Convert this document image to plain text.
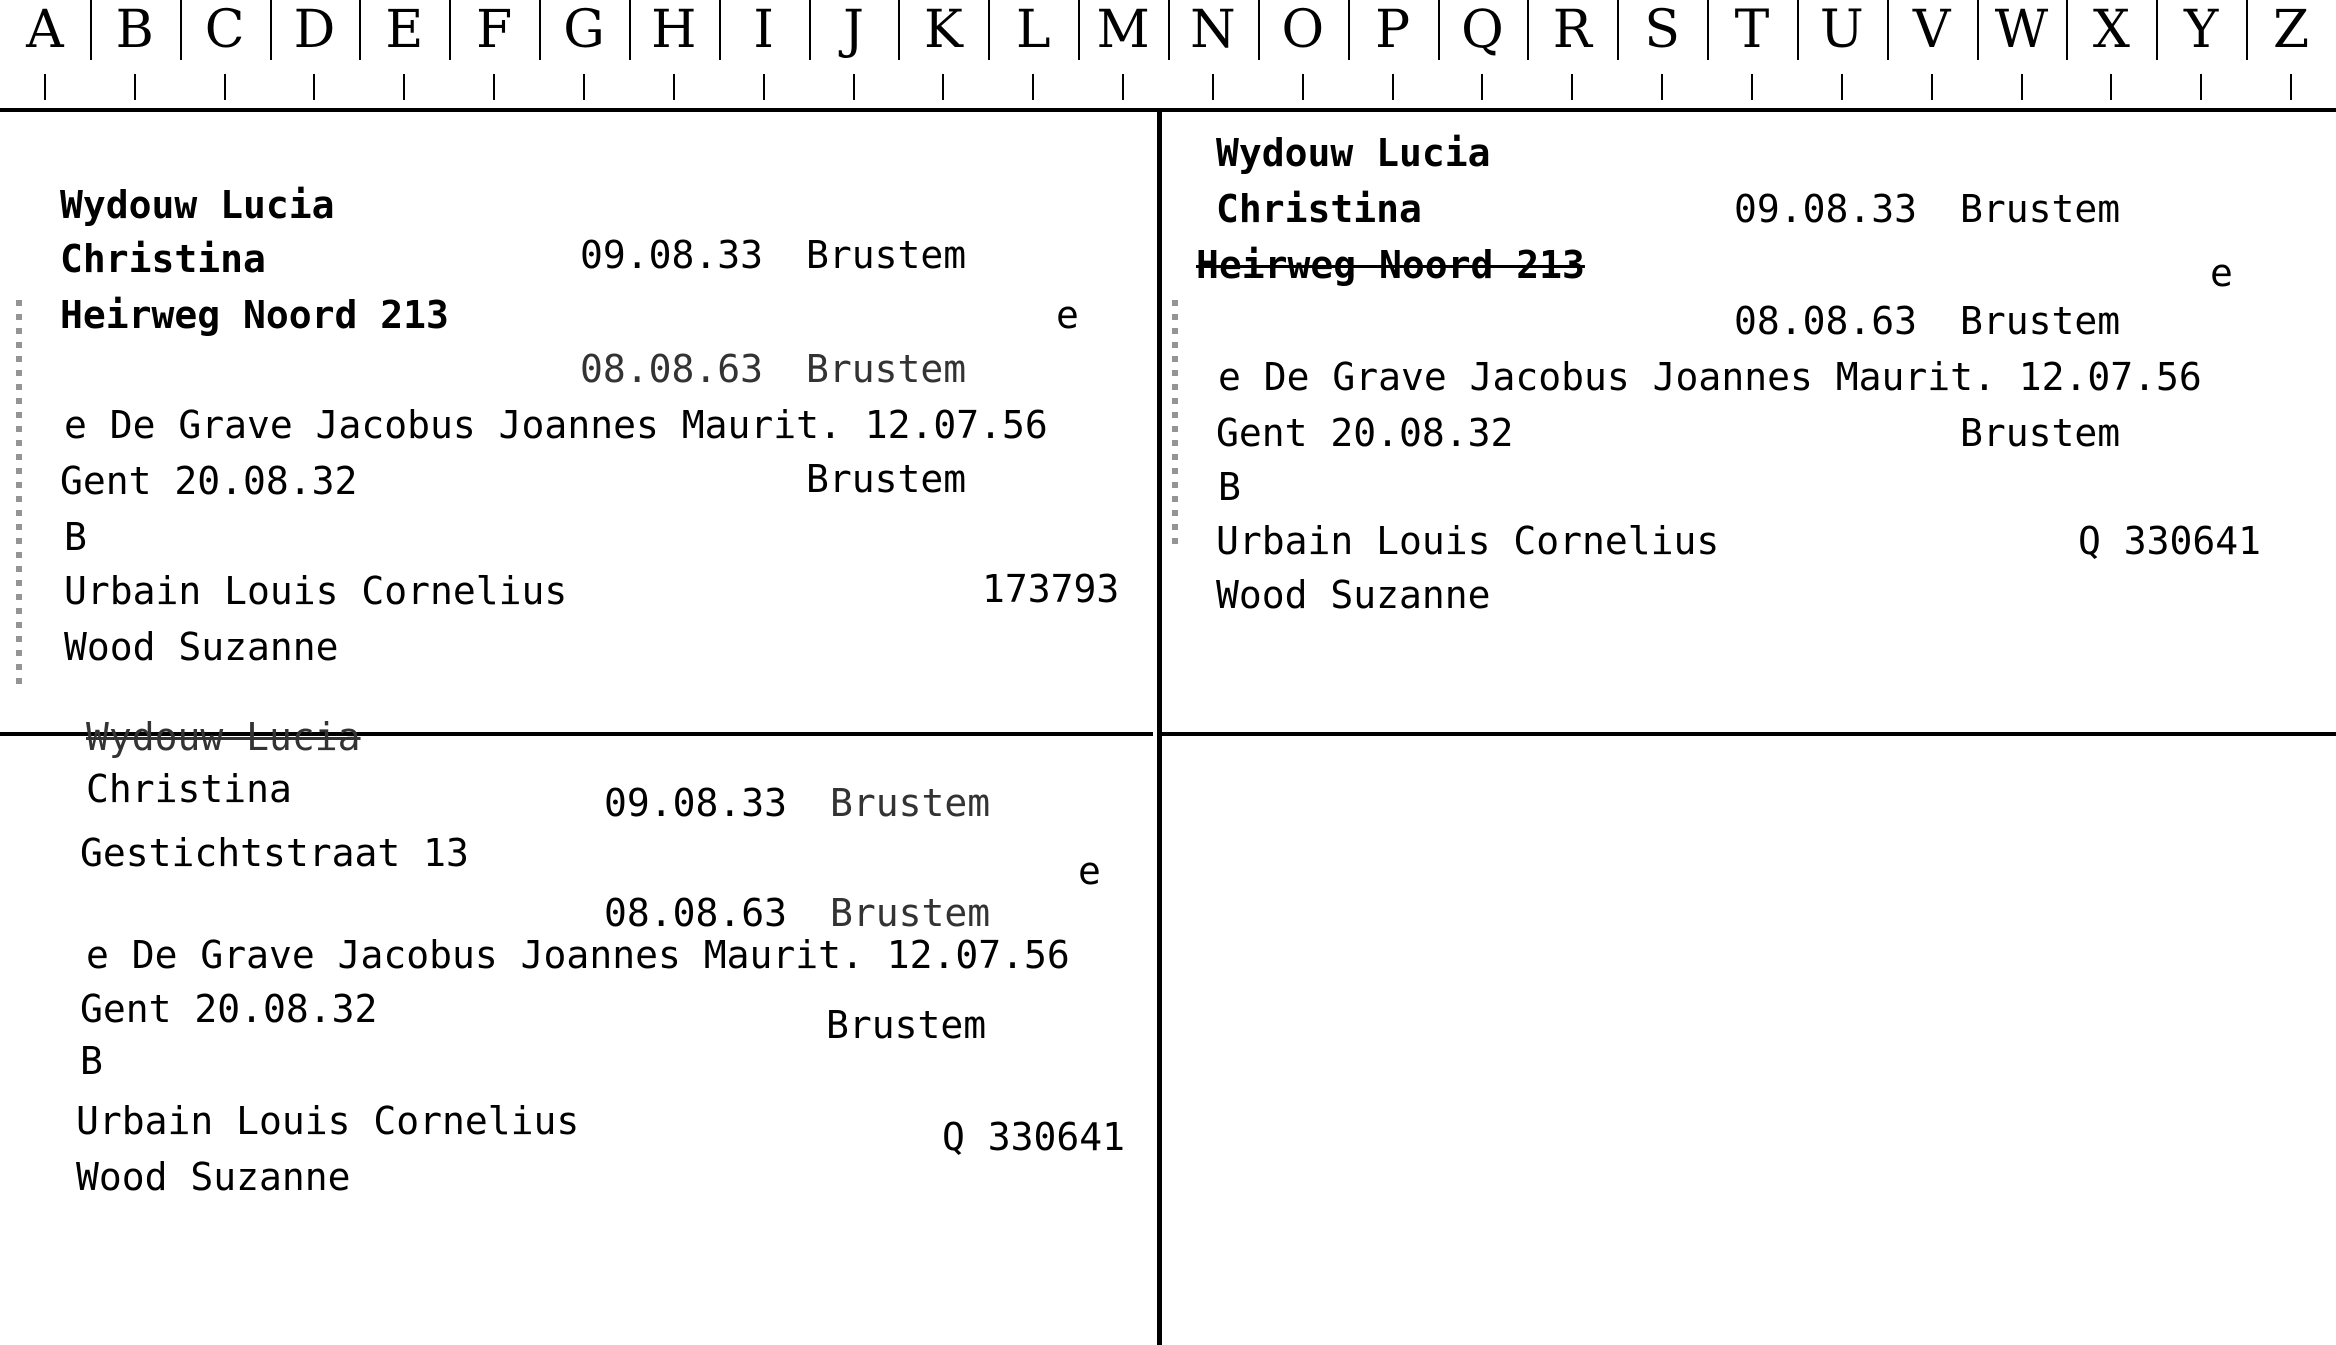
A B C D E	F G H	I	J	K	L M N O P Q R	S	T U V W X	Y	Z
Wydouw Lucia
Christina	09.08.33 Brustem
Heirweg Noord 213	e
08.08.63 Brustem
e De Grave Jacobus Joannes Maurit. 12.07.56
Gent 20.08.32	Brustem
B
Urbain Louis Cornelius	173793
Wood Suzanne
Wydouw Lucia
Christina	09.08.33 Brustem
Heirweg Noord 213	e
08.08.63 Brustem
e De Grave Jacobus Joannes Maurit. 12.07.56
Gent 20.08.32	Brustem
B
Urbain Louis Cornelius	Q 330641
Wood Suzanne
Wydouw Lucia
Christina	09.08.33 Brustem
Gestichtstraat 13	e
08.08.63 Brustem
e De Grave Jacobus Joannes Maurit. 12.07.56
Gent 20.08.32	Brustem
B
Urbain Louis Cornelius	Q 330641
Wood Suzanne
